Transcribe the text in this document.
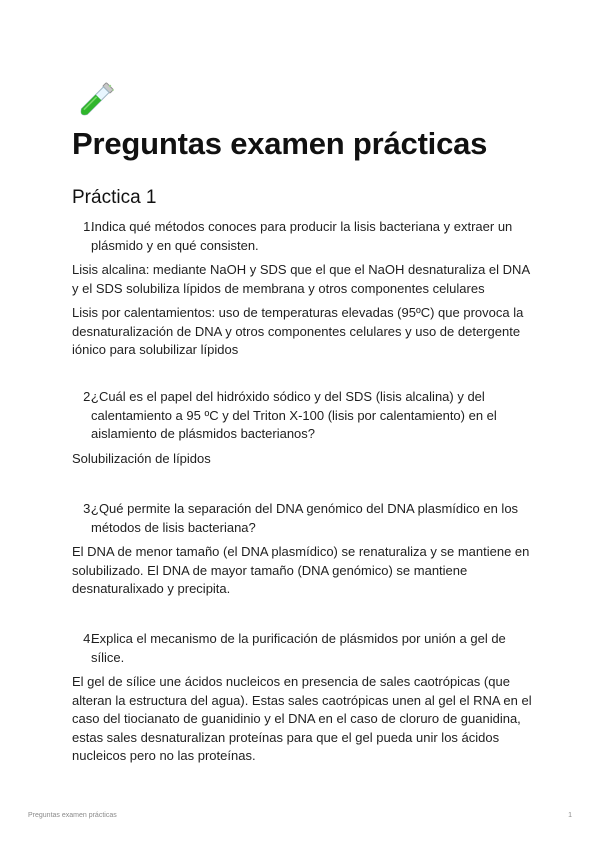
Preguntas examen prácticas
Práctica 1
1.
Indica qué métodos conoces para producir la lisis bacteriana y extraer un plásmido y en qué consisten.

Lisis alcalina: mediante NaOH y SDS que el que el NaOH desnaturaliza el DNA y el SDS solubiliza lípidos de membrana y otros componentes celulares

Lisis por calentamientos: uso de temperaturas elevadas (95ºC) que provoca la desnaturalización de DNA y otros componentes celulares y uso de detergente iónico para solubilizar lípidos

2.
¿Cuál es el papel del hidróxido sódico y del SDS (lisis alcalina) y del calentamiento a 95 ºC y del Triton X-100 (lisis por calentamiento) en el aislamiento de plásmidos bacterianos?

Solubilización de lípidos

3.
¿Qué permite la separación del DNA genómico del DNA plasmídico en los métodos de lisis bacteriana?

El DNA de menor tamaño (el DNA plasmídico) se renaturaliza y se mantiene en solubilizado. El DNA de mayor tamaño (DNA genómico) se mantiene desnaturalixado y precipita.

4.
Explica el mecanismo de la purificación de plásmidos por unión a gel de sílice.

El gel de sílice une ácidos nucleicos en presencia de sales caotrópicas (que alteran la estructura del agua). Estas sales caotrópicas unen al gel el RNA en el caso del tiocianato de guanidinio y el DNA en el caso de cloruro de guanidina, estas sales desnaturalizan proteínas para que el gel pueda unir los ácidos nucleicos pero no las proteínas.

Preguntas examen prácticas	1
